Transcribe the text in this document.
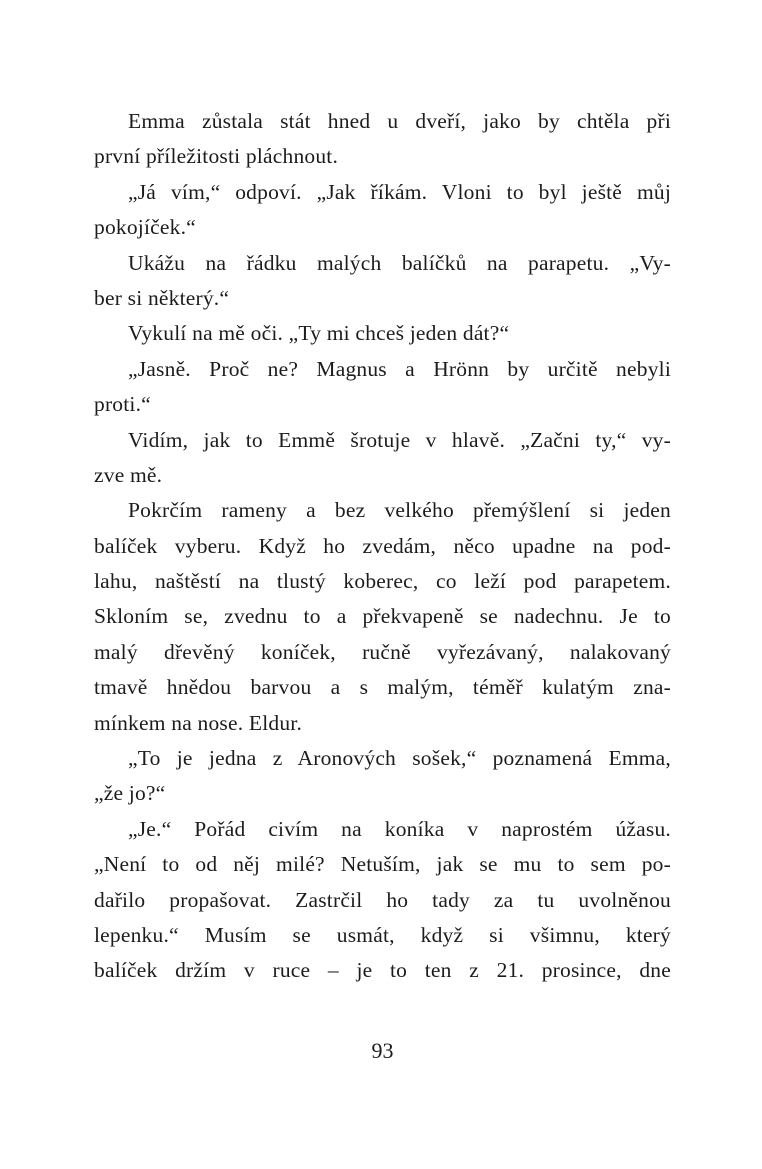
Emma zůstala stát hned u dveří, jako by chtěla při
první příležitosti pláchnout.
„Já vím,“ odpoví. „Jak říkám. Vloni to byl ještě můj
pokojíček.“
Ukážu na řádku malých balíčků na parapetu. „Vy-
ber si některý.“
Vykulí na mě oči. „Ty mi chceš jeden dát?“
„Jasně. Proč ne? Magnus a Hrönn by určitě nebyli
proti.“
Vidím, jak to Emmě šrotuje v hlavě. „Začni ty,“ vy-
zve mě.
Pokrčím rameny a bez velkého přemýšlení si jeden
balíček vyberu. Když ho zvedám, něco upadne na pod-
lahu, naštěstí na tlustý koberec, co leží pod parapetem.
Skloním se, zvednu to a překvapeně se nadechnu. Je to
malý dřevěný koníček, ručně vyřezávaný, nalakovaný
tmavě hnědou barvou a s malým, téměř kulatým zna-
mínkem na nose. Eldur.
„To je jedna z Aronových sošek,“ poznamená Emma,
„že jo?“
„Je.“ Pořád civím na koníka v naprostém úžasu.
„Není to od něj milé? Netuším, jak se mu to sem po-
dařilo propašovat. Zastrčil ho tady za tu uvolněnou
lepenku.“ Musím se usmát, když si všimnu, který
balíček držím v ruce – je to ten z 21. prosince, dne
93
